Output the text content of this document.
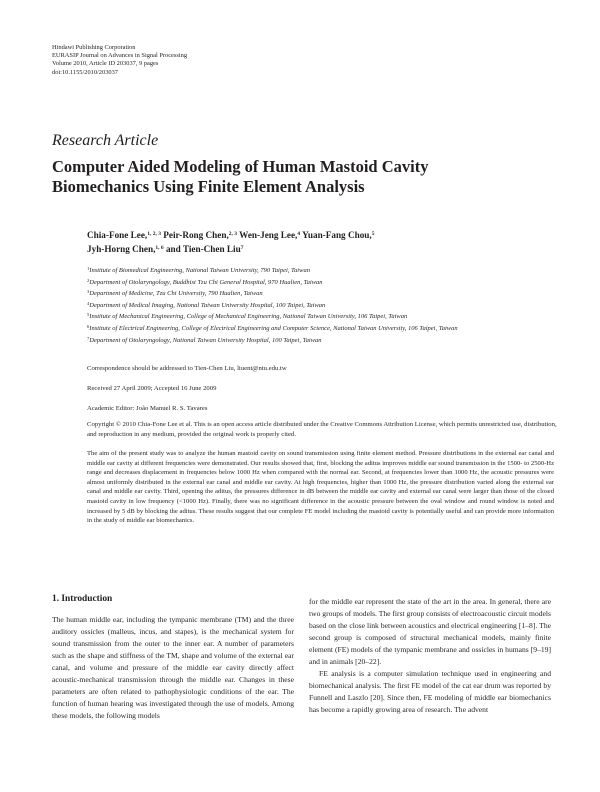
Hindawi Publishing Corporation
EURASIP Journal on Advances in Signal Processing
Volume 2010, Article ID 203037, 9 pages
doi:10.1155/2010/203037
Research Article
Computer Aided Modeling of Human Mastoid Cavity Biomechanics Using Finite Element Analysis
Chia-Fone Lee,$^{1, 2, 3}$ Peir-Rong Chen,$^{2, 3}$ Wen-Jeng Lee,$^4$ Yuan-Fang Chou,$^5$
Jyh-Horng Chen,$^{1, 6}$ and Tien-Chen Liu$^7$
$^1$Institute of Biomedical Engineering, National Taiwan University, 790 Taipei, Taiwan
$^2$Department of Otolaryngology, Buddhist Tzu Chi General Hospital, 970 Hualien, Taiwan
$^3$Department of Medicine, Tzu Chi University, 790 Hualien, Taiwan
$^4$Department of Medical Imaging, National Taiwan University Hospital, 100 Taipei, Taiwan
$^5$Institute of Mechanical Engineering, College of Mechanical Engineering, National Taiwan University, 106 Taipei, Taiwan
$^6$Institute of Electrical Engineering, College of Electrical Engineering and Computer Science, National Taiwan University, 106 Taipei, Taiwan
$^7$Department of Otolaryngology, National Taiwan University Hospital, 100 Taipei, Taiwan
Correspondence should be addressed to Tien-Chen Liu, liuent@ntu.edu.tw
Received 27 April 2009; Accepted 16 June 2009
Academic Editor: João Manuel R. S. Tavares
Copyright © 2010 Chia-Fone Lee et al. This is an open access article distributed under the Creative Commons Attribution License, which permits unrestricted use, distribution, and reproduction in any medium, provided the original work is properly cited.
The aim of the present study was to analyze the human mastoid cavity on sound transmission using finite element method. Pressure distributions in the external ear canal and middle ear cavity at different frequencies were demonstrated. Our results showed that, first, blocking the aditus improves middle ear sound transmission in the 1500- to 2500-Hz range and decreases displacement in frequencies below 1000 Hz when compared with the normal ear. Second, at frequencies lower than 1000 Hz, the acoustic pressures were almost uniformly distributed in the external ear canal and middle ear cavity. At high frequencies, higher than 1000 Hz, the pressure distribution varied along the external ear canal and middle ear cavity. Third, opening the aditus, the pressures difference in dB between the middle ear cavity and external ear canal were larger than those of the closed mastoid cavity in low frequency (<1000 Hz). Finally, there was no significant difference in the acoustic pressure between the oval window and round window is noted and increased by 5 dB by blocking the aditus. These results suggest that our complete FE model including the mastoid cavity is potentially useful and can provide more information in the study of middle ear biomechanics.
1. Introduction

The human middle ear, including the tympanic membrane (TM) and the three auditory ossicles (malleus, incus, and stapes), is the mechanical system for sound transmission from the outer to the inner ear. A number of parameters such as the shape and stiffness of the TM, shape and volume of the external ear canal, and volume and pressure of the middle ear cavity directly affect acoustic-mechanical transmission through the middle ear. Changes in these parameters are often related to pathophysiologic conditions of the ear. The function of human hearing was investigated through the use of models. Among these models, the following models

for the middle ear represent the state of the art in the area. In general, there are two groups of models. The first group consists of electroacoustic circuit models based on the close link between acoustics and electrical engineering [1–8]. The second group is composed of structural mechanical models, mainly finite element (FE) models of the tympanic membrane and ossicles in humans [9–19] and in animals [20–22].

FE analysis is a computer simulation technique used in engineering and biomechanical analysis. The first FE model of the cat ear drum was reported by Funnell and Laszlo [20]. Since then, FE modeling of middle ear biomechanics has become a rapidly growing area of research. The advent
